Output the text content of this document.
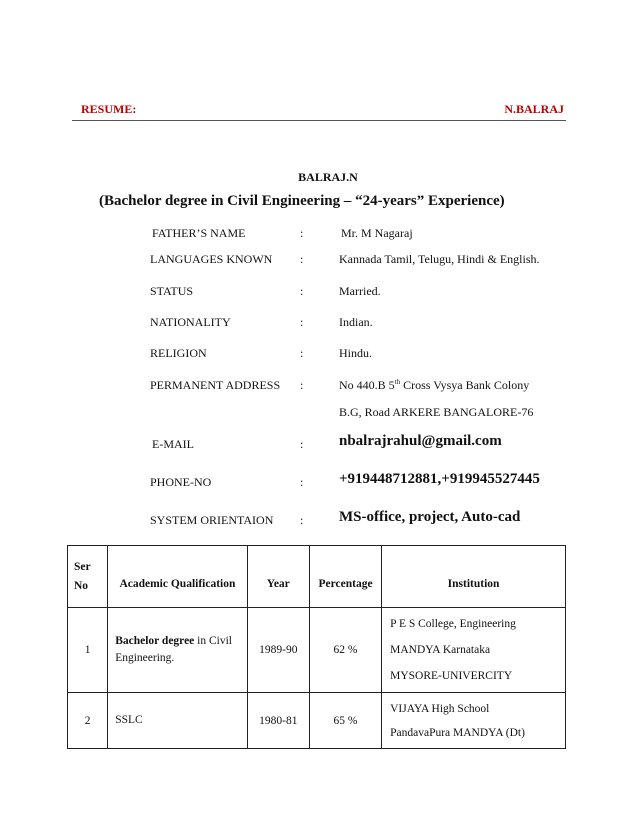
RESUME:	N.BALRAJ
BALRAJ.N
(Bachelor degree in Civil Engineering – “24-years” Experience)
FATHER’S NAME	:	Mr. M Nagaraj
LANGUAGES KNOWN :	Kannada Tamil, Telugu, Hindi & English.
STATUS	:	Married.
NATIONALITY	:	Indian.
RELIGION	:	Hindu.
PERMANENT ADDRESS :	No 440.B 5th Cross Vysya Bank Colony
B.G, Road ARKERE BANGALORE-76
E-MAIL	: nbalrajrahul@gmail.com
PHONE-NO	: +919448712881,+919945527445
SYSTEM ORIENTAION : MS-office, project, Auto-cad
Ser
No	Academic Qualification	Year	Percentage	Institution
1	Bachelor degree in Civil Engineering.	1989-90	62 %	P E S College, Engineering
MANDYA Karnataka
MYSORE-UNIVERCITY

2	SSLC	1980-81	65 %	VIJAYA High School
PandavaPura MANDYA (Dt)
